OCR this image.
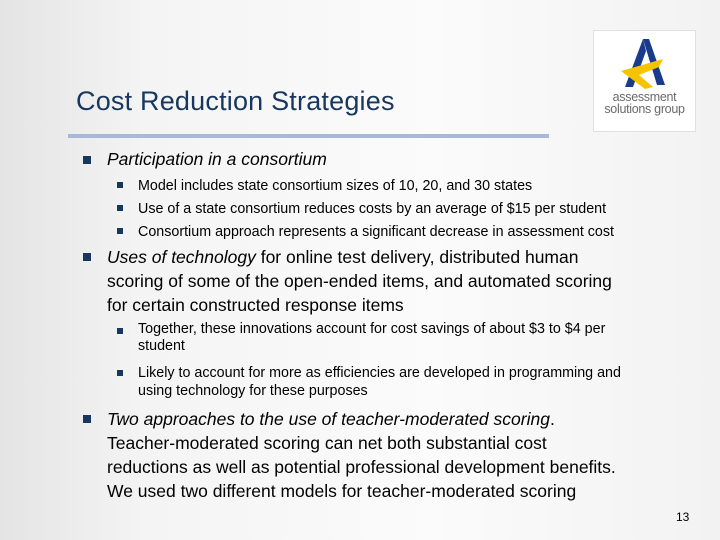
Cost Reduction Strategies	assessment
solutions group
Participation in a consortium
Model includes state consortium sizes of 10, 20, and 30 states
Use of a state consortium reduces costs by an average of $15 per student
Consortium approach represents a significant decrease in assessment cost
Uses of technology for online test delivery, distributed human
scoring of some of the open-ended items, and automated scoring
for certain constructed response items
Together, these innovations account for cost savings of about $3 to $4 per
student
Likely to account for more as efficiencies are developed in programming and
using technology for these purposes
Two approaches to the use of teacher-moderated scoring.
Teacher-moderated scoring can net both substantial cost
reductions as well as potential professional development benefits.
We used two different models for teacher-moderated scoring
13
